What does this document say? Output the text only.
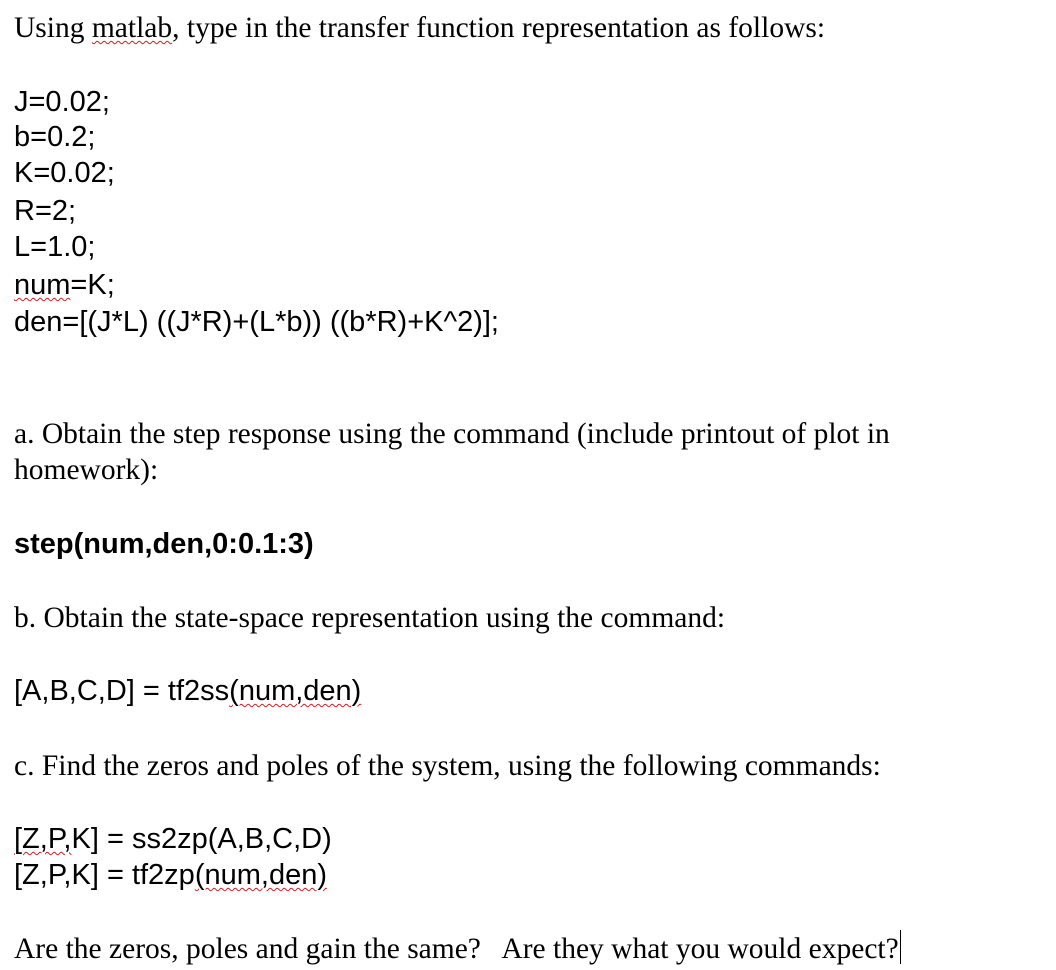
Using matlab, type in the transfer function representation as follows:
J=0.02;
b=0.2;
K=0.02;
R=2;
L=1.0;
num=K;
den=[(J*L) ((J*R)+(L*b)) ((b*R)+K^2)];
a. Obtain the step response using the command (include printout of plot in
homework):
step(num,den,0:0.1:3)
b. Obtain the state-space representation using the command:
[A,B,C,D] = tf2ss(num,den)
c. Find the zeros and poles of the system, using the following commands:
[Z,P,K] = ss2zp(A,B,C,D)
[Z,P,K] = tf2zp(num,den)
Are the zeros, poles and gain the same?   Are they what you would expect?
